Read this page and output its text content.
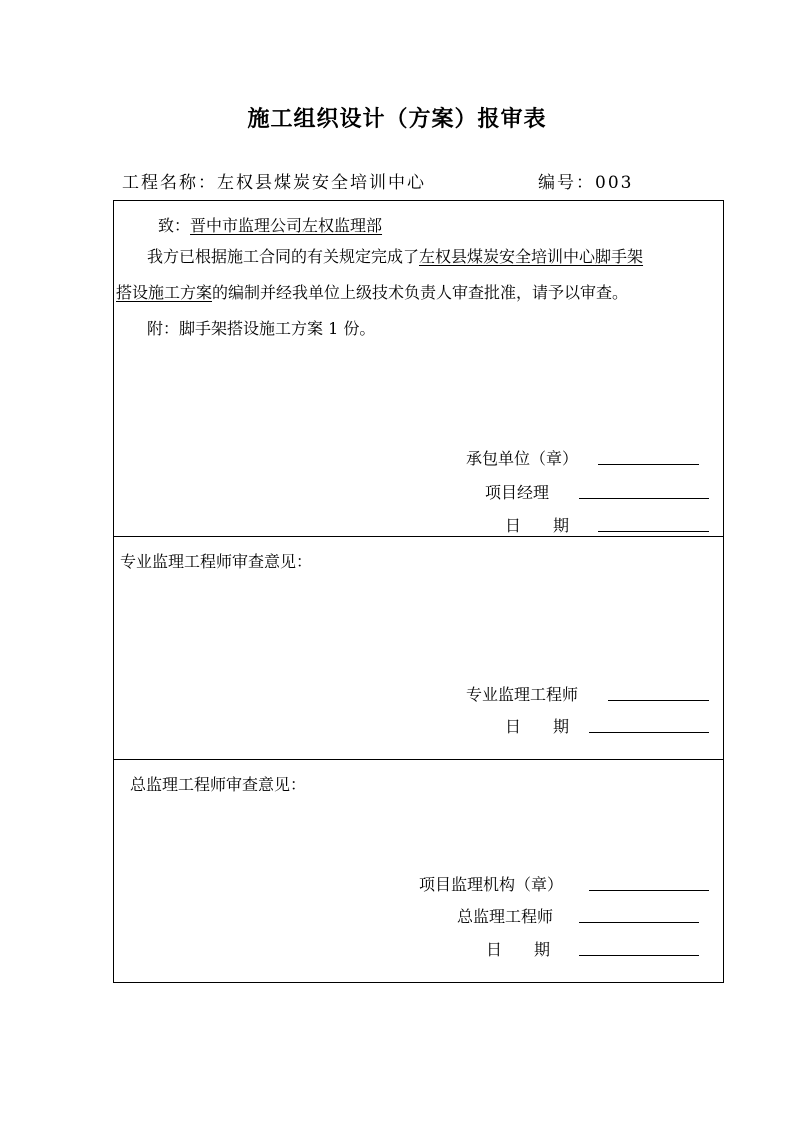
施工组织设计（方案）报审表
工程名称：左权县煤炭安全培训中心	编号：003
致：晋中市监理公司左权监理部
我方已根据施工合同的有关规定完成了左权县煤炭安全培训中心脚手架
搭设施工方案的编制并经我单位上级技术负责人审查批准，请予以审查。
附：脚手架搭设施工方案 1 份。
承包单位（章）
项目经理
日　　期
专业监理工程师审查意见：
专业监理工程师
日　　期
总监理工程师审查意见：
项目监理机构（章）
总监理工程师
日　　期
